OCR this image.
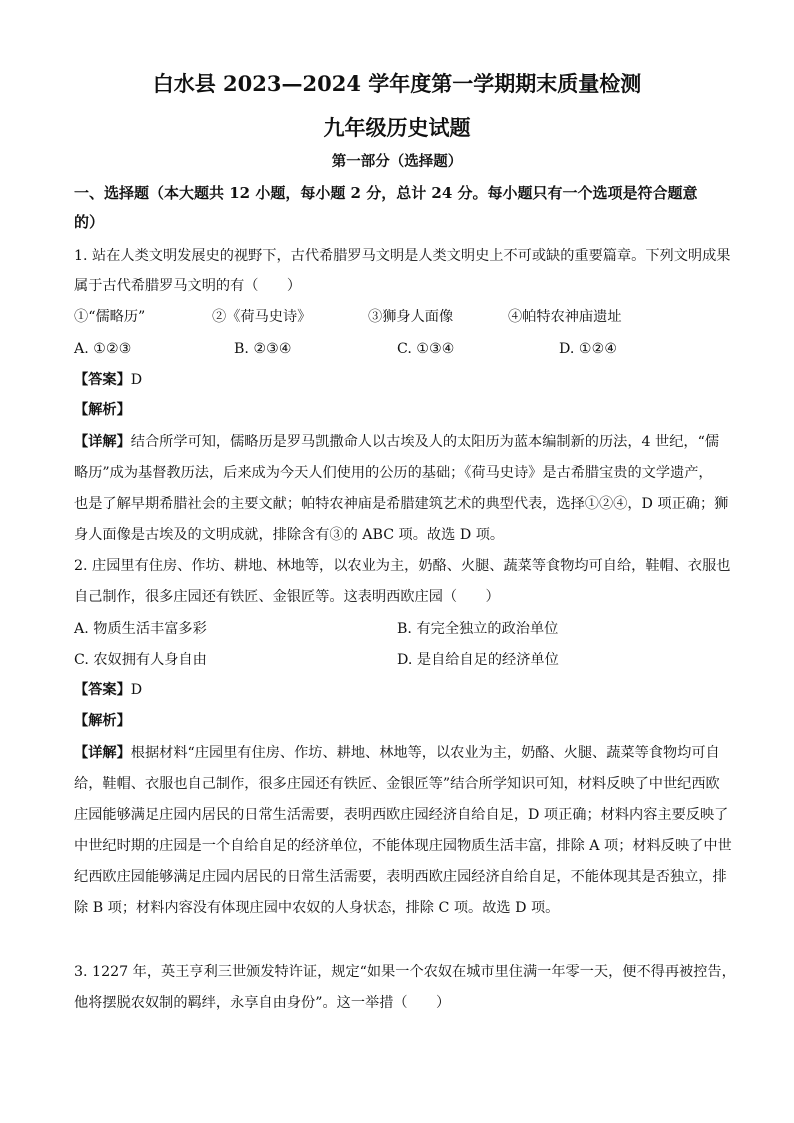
白水县 2023—2024 学年度第一学期期末质量检测
九年级历史试题
第一部分（选择题）
一、选择题（本大题共 12 小题，每小题 2 分，总计 24 分。每小题只有一个选项是符合题意
的）
1. 站在人类文明发展史的视野下，古代希腊罗马文明是人类文明史上不可或缺的重要篇章。下列文明成果
属于古代希腊罗马文明的有（　　）
①“儒略历”	②《荷马史诗》	③狮身人面像	④帕特农神庙遗址
A. ①②③	B. ②③④	C. ①③④	D. ①②④
【答案】D
【解析】
【详解】结合所学可知，儒略历是罗马凯撒命人以古埃及人的太阳历为蓝本编制新的历法，4 世纪，“儒
略历”成为基督教历法，后来成为今天人们使用的公历的基础；《荷马史诗》是古希腊宝贵的文学遗产，
也是了解早期希腊社会的主要文献；帕特农神庙是希腊建筑艺术的典型代表，选择①②④，D 项正确；狮
身人面像是古埃及的文明成就，排除含有③的 ABC 项。故选 D 项。
2. 庄园里有住房、作坊、耕地、林地等，以农业为主，奶酪、火腿、蔬菜等食物均可自给，鞋帽、衣服也
自己制作，很多庄园还有铁匠、金银匠等。这表明西欧庄园（　　）
A. 物质生活丰富多彩	B. 有完全独立的政治单位
C. 农奴拥有人身自由	D. 是自给自足的经济单位
【答案】D
【解析】
【详解】根据材料“庄园里有住房、作坊、耕地、林地等，以农业为主，奶酪、火腿、蔬菜等食物均可自
给，鞋帽、衣服也自己制作，很多庄园还有铁匠、金银匠等”结合所学知识可知，材料反映了中世纪西欧
庄园能够满足庄园内居民的日常生活需要，表明西欧庄园经济自给自足，D 项正确；材料内容主要反映了
中世纪时期的庄园是一个自给自足的经济单位，不能体现庄园物质生活丰富，排除 A 项；材料反映了中世
纪西欧庄园能够满足庄园内居民的日常生活需要，表明西欧庄园经济自给自足，不能体现其是否独立，排
除 B 项；材料内容没有体现庄园中农奴的人身状态，排除 C 项。故选 D 项。
3. 1227 年，英王亨利三世颁发特许证，规定“如果一个农奴在城市里住满一年零一天，便不得再被控告，
他将摆脱农奴制的羁绊，永享自由身份”。这一举措（　　）
